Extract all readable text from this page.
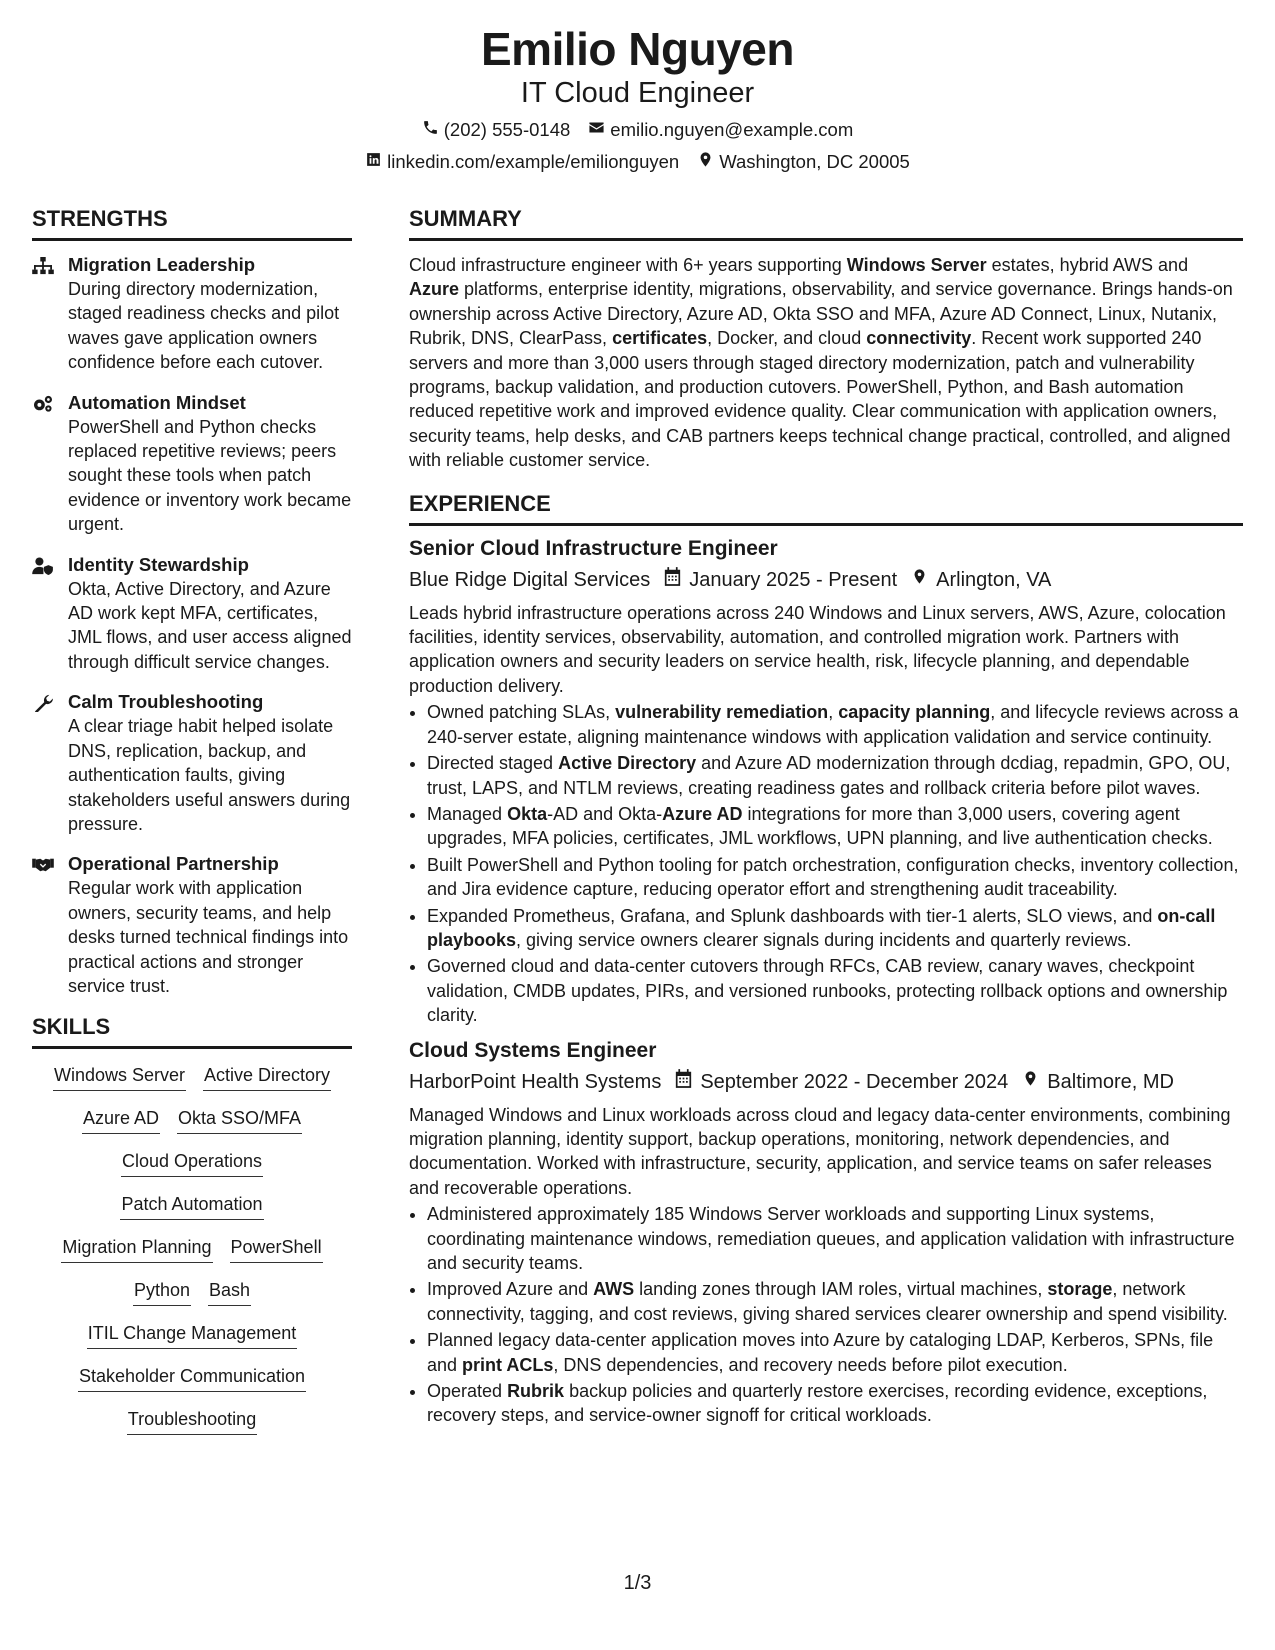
Emilio Nguyen
IT Cloud Engineer
(202) 555-0148 emilio.nguyen@example.com
linkedin.com/example/emilionguyen Washington, DC 20005
STRENGTHS
Migration Leadership
During directory modernization, staged readiness checks and pilot waves gave application owners confidence before each cutover.
Automation Mindset
PowerShell and Python checks replaced repetitive reviews; peers sought these tools when patch evidence or inventory work became urgent.
Identity Stewardship
Okta, Active Directory, and Azure AD work kept MFA, certificates, JML flows, and user access aligned through difficult service changes.
Calm Troubleshooting
A clear triage habit helped isolate DNS, replication, backup, and authentication faults, giving stakeholders useful answers during pressure.
Operational Partnership
Regular work with application owners, security teams, and help desks turned technical findings into practical actions and stronger service trust.
SKILLS
Windows Server Active Directory
Azure AD Okta SSO/MFA
Cloud Operations
Patch Automation
Migration Planning PowerShell
Python Bash
ITIL Change Management
Stakeholder Communication
Troubleshooting
SUMMARY

Cloud infrastructure engineer with 6+ years supporting Windows Server estates, hybrid AWS and Azure platforms, enterprise identity, migrations, observability, and service governance. Brings hands-on ownership across Active Directory, Azure AD, Okta SSO and MFA, Azure AD Connect, Linux, Nutanix, Rubrik, DNS, ClearPass, certificates, Docker, and cloud connectivity. Recent work supported 240 servers and more than 3,000 users through staged directory modernization, patch and vulnerability programs, backup validation, and production cutovers. PowerShell, Python, and Bash automation reduced repetitive work and improved evidence quality. Clear communication with application owners, security teams, help desks, and CAB partners keeps technical change practical, controlled, and aligned with reliable customer service.

EXPERIENCE
Senior Cloud Infrastructure Engineer
Blue Ridge Digital Services January 2025 - Present Arlington, VA
Leads hybrid infrastructure operations across 240 Windows and Linux servers, AWS, Azure, colocation facilities, identity services, observability, automation, and controlled migration work. Partners with application owners and security leaders on service health, risk, lifecycle planning, and dependable production delivery.
• Owned patching SLAs, vulnerability remediation, capacity planning, and lifecycle reviews across a 240-server estate, aligning maintenance windows with application validation and service continuity.
• Directed staged Active Directory and Azure AD modernization through dcdiag, repadmin, GPO, OU, trust, LAPS, and NTLM reviews, creating readiness gates and rollback criteria before pilot waves.
• Managed Okta-AD and Okta-Azure AD integrations for more than 3,000 users, covering agent upgrades, MFA policies, certificates, JML workflows, UPN planning, and live authentication checks.
• Built PowerShell and Python tooling for patch orchestration, configuration checks, inventory collection, and Jira evidence capture, reducing operator effort and strengthening audit traceability.
• Expanded Prometheus, Grafana, and Splunk dashboards with tier-1 alerts, SLO views, and on-call playbooks, giving service owners clearer signals during incidents and quarterly reviews.
• Governed cloud and data-center cutovers through RFCs, CAB review, canary waves, checkpoint validation, CMDB updates, PIRs, and versioned runbooks, protecting rollback options and ownership clarity.
Cloud Systems Engineer
HarborPoint Health Systems September 2022 - December 2024 Baltimore, MD
Managed Windows and Linux workloads across cloud and legacy data-center environments, combining migration planning, identity support, backup operations, monitoring, network dependencies, and documentation. Worked with infrastructure, security, application, and service teams on safer releases and recoverable operations.
• Administered approximately 185 Windows Server workloads and supporting Linux systems, coordinating maintenance windows, remediation queues, and application validation with infrastructure and security teams.
• Improved Azure and AWS landing zones through IAM roles, virtual machines, storage, network connectivity, tagging, and cost reviews, giving shared services clearer ownership and spend visibility.
• Planned legacy data-center application moves into Azure by cataloging LDAP, Kerberos, SPNs, file and print ACLs, DNS dependencies, and recovery needs before pilot execution.
• Operated Rubrik backup policies and quarterly restore exercises, recording evidence, exceptions, recovery steps, and service-owner signoff for critical workloads.
1/3
